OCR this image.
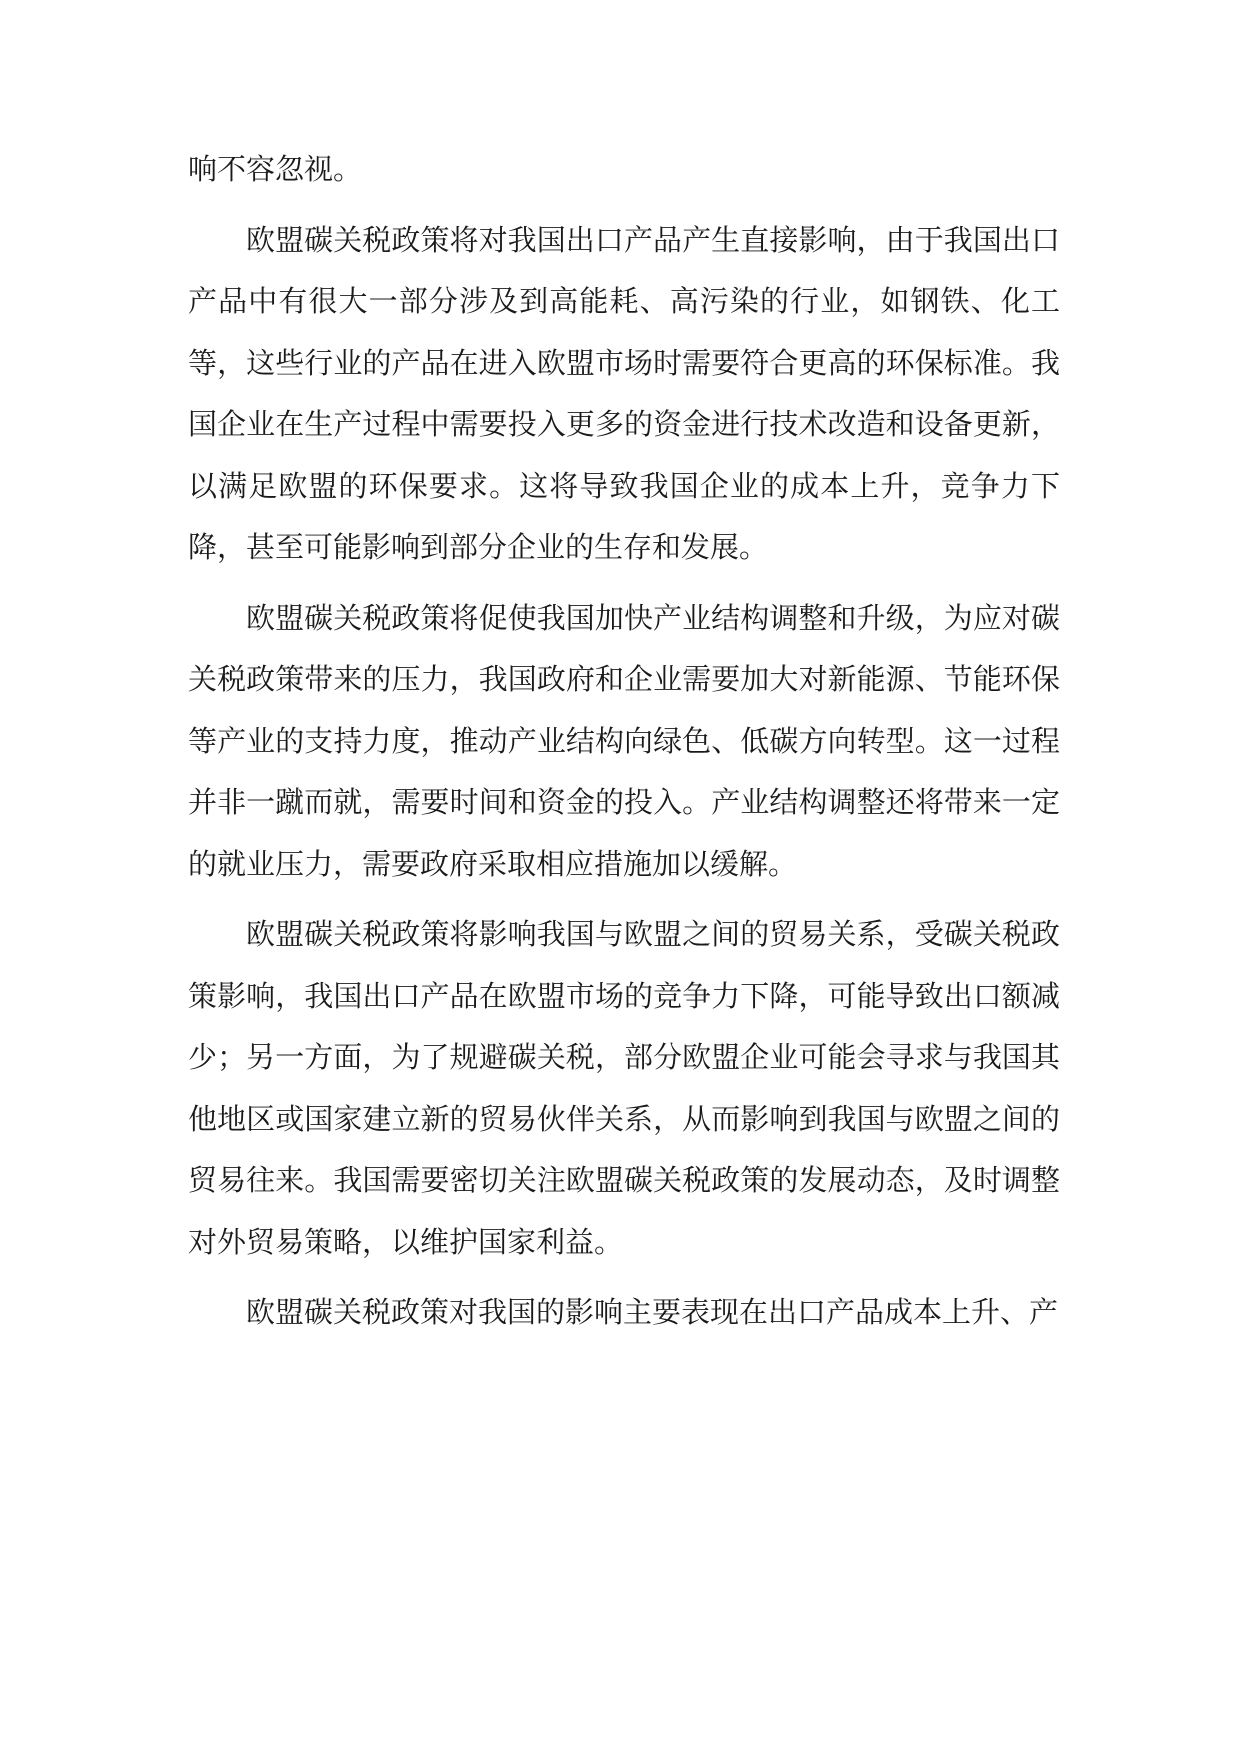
响不容忽视。

欧盟碳关税政策将对我国出口产品产生直接影响，由于我国出口产品中有很大一部分涉及到高能耗、高污染的行业，如钢铁、化工等，这些行业的产品在进入欧盟市场时需要符合更高的环保标准。我国企业在生产过程中需要投入更多的资金进行技术改造和设备更新，以满足欧盟的环保要求。这将导致我国企业的成本上升，竞争力下降，甚至可能影响到部分企业的生存和发展。

欧盟碳关税政策将促使我国加快产业结构调整和升级，为应对碳关税政策带来的压力，我国政府和企业需要加大对新能源、节能环保等产业的支持力度，推动产业结构向绿色、低碳方向转型。这一过程并非一蹴而就，需要时间和资金的投入。产业结构调整还将带来一定的就业压力，需要政府采取相应措施加以缓解。

欧盟碳关税政策将影响我国与欧盟之间的贸易关系，受碳关税政策影响，我国出口产品在欧盟市场的竞争力下降，可能导致出口额减少；另一方面，为了规避碳关税，部分欧盟企业可能会寻求与我国其他地区或国家建立新的贸易伙伴关系，从而影响到我国与欧盟之间的贸易往来。我国需要密切关注欧盟碳关税政策的发展动态，及时调整对外贸易策略，以维护国家利益。

欧盟碳关税政策对我国的影响主要表现在出口产品成本上升、产
